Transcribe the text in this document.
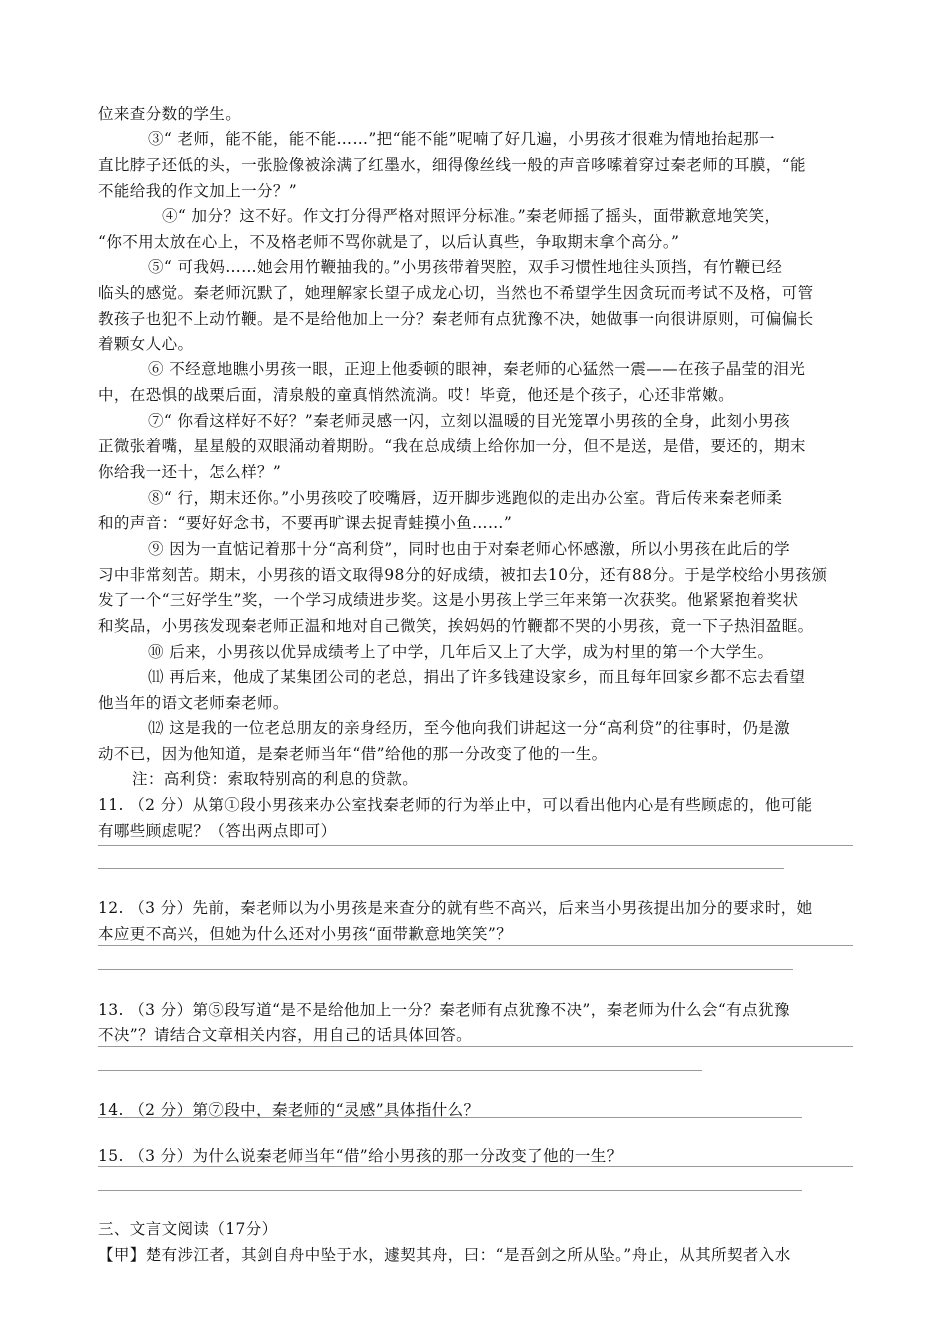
位来查分数的学生。
③“ 老师，能不能，能不能……”把“能不能”呢喃了好几遍，小男孩才很难为情地抬起那一
直比脖子还低的头，一张脸像被涂满了红墨水，细得像丝线一般的声音哆嗦着穿过秦老师的耳膜，“能
不能给我的作文加上一分？”
④“ 加分？这不好。作文打分得严格对照评分标准。”秦老师摇了摇头，面带歉意地笑笑，
“你不用太放在心上，不及格老师不骂你就是了，以后认真些，争取期末拿个高分。”
⑤“ 可我妈……她会用竹鞭抽我的。”小男孩带着哭腔，双手习惯性地往头顶挡，有竹鞭已经
临头的感觉。秦老师沉默了，她理解家长望子成龙心切，当然也不希望学生因贪玩而考试不及格，可管
教孩子也犯不上动竹鞭。是不是给他加上一分？秦老师有点犹豫不决，她做事一向很讲原则，可偏偏长
着颗女人心。
⑥ 不经意地瞧小男孩一眼，正迎上他委顿的眼神，秦老师的心猛然一震——在孩子晶莹的泪光
中，在恐惧的战栗后面，清泉般的童真悄然流淌。哎！毕竟，他还是个孩子，心还非常嫩。
⑦“ 你看这样好不好？”秦老师灵感一闪，立刻以温暖的目光笼罩小男孩的全身，此刻小男孩
正微张着嘴，星星般的双眼涌动着期盼。“我在总成绩上给你加一分，但不是送，是借，要还的，期末
你给我一还十，怎么样？”
⑧“ 行，期末还你。”小男孩咬了咬嘴唇，迈开脚步逃跑似的走出办公室。背后传来秦老师柔
和的声音：“要好好念书，不要再旷课去捉青蛙摸小鱼……”
⑨ 因为一直惦记着那十分“高利贷”，同时也由于对秦老师心怀感激，所以小男孩在此后的学
习中非常刻苦。期末，小男孩的语文取得98分的好成绩，被扣去10分，还有88分。于是学校给小男孩颁
发了一个“三好学生”奖，一个学习成绩进步奖。这是小男孩上学三年来第一次获奖。他紧紧抱着奖状
和奖品，小男孩发现秦老师正温和地对自己微笑，挨妈妈的竹鞭都不哭的小男孩，竟一下子热泪盈眶。
⑩ 后来，小男孩以优异成绩考上了中学，几年后又上了大学，成为村里的第一个大学生。
⑾ 再后来，他成了某集团公司的老总，捐出了许多钱建设家乡，而且每年回家乡都不忘去看望
他当年的语文老师秦老师。
⑿ 这是我的一位老总朋友的亲身经历，至今他向我们讲起这一分“高利贷”的往事时，仍是激
动不已，因为他知道，是秦老师当年“借”给他的那一分改变了他的一生。
注：高利贷：索取特别高的利息的贷款。
11. （2 分）从第①段小男孩来办公室找秦老师的行为举止中，可以看出他内心是有些顾虑的，他可能
有哪些顾虑呢？（答出两点即可）
12. （3 分）先前，秦老师以为小男孩是来查分的就有些不高兴，后来当小男孩提出加分的要求时，她
本应更不高兴，但她为什么还对小男孩“面带歉意地笑笑”？
13. （3 分）第⑤段写道“是不是给他加上一分？秦老师有点犹豫不决”，秦老师为什么会“有点犹豫
不决”？请结合文章相关内容，用自己的话具体回答。
14. （2 分）第⑦段中，秦老师的“灵感”具体指什么？
15. （3 分）为什么说秦老师当年“借”给小男孩的那一分改变了他的一生？
三、文言文阅读（17分）
【甲】楚有涉江者，其剑自舟中坠于水，遽契其舟，曰：“是吾剑之所从坠。”舟止，从其所契者入水
